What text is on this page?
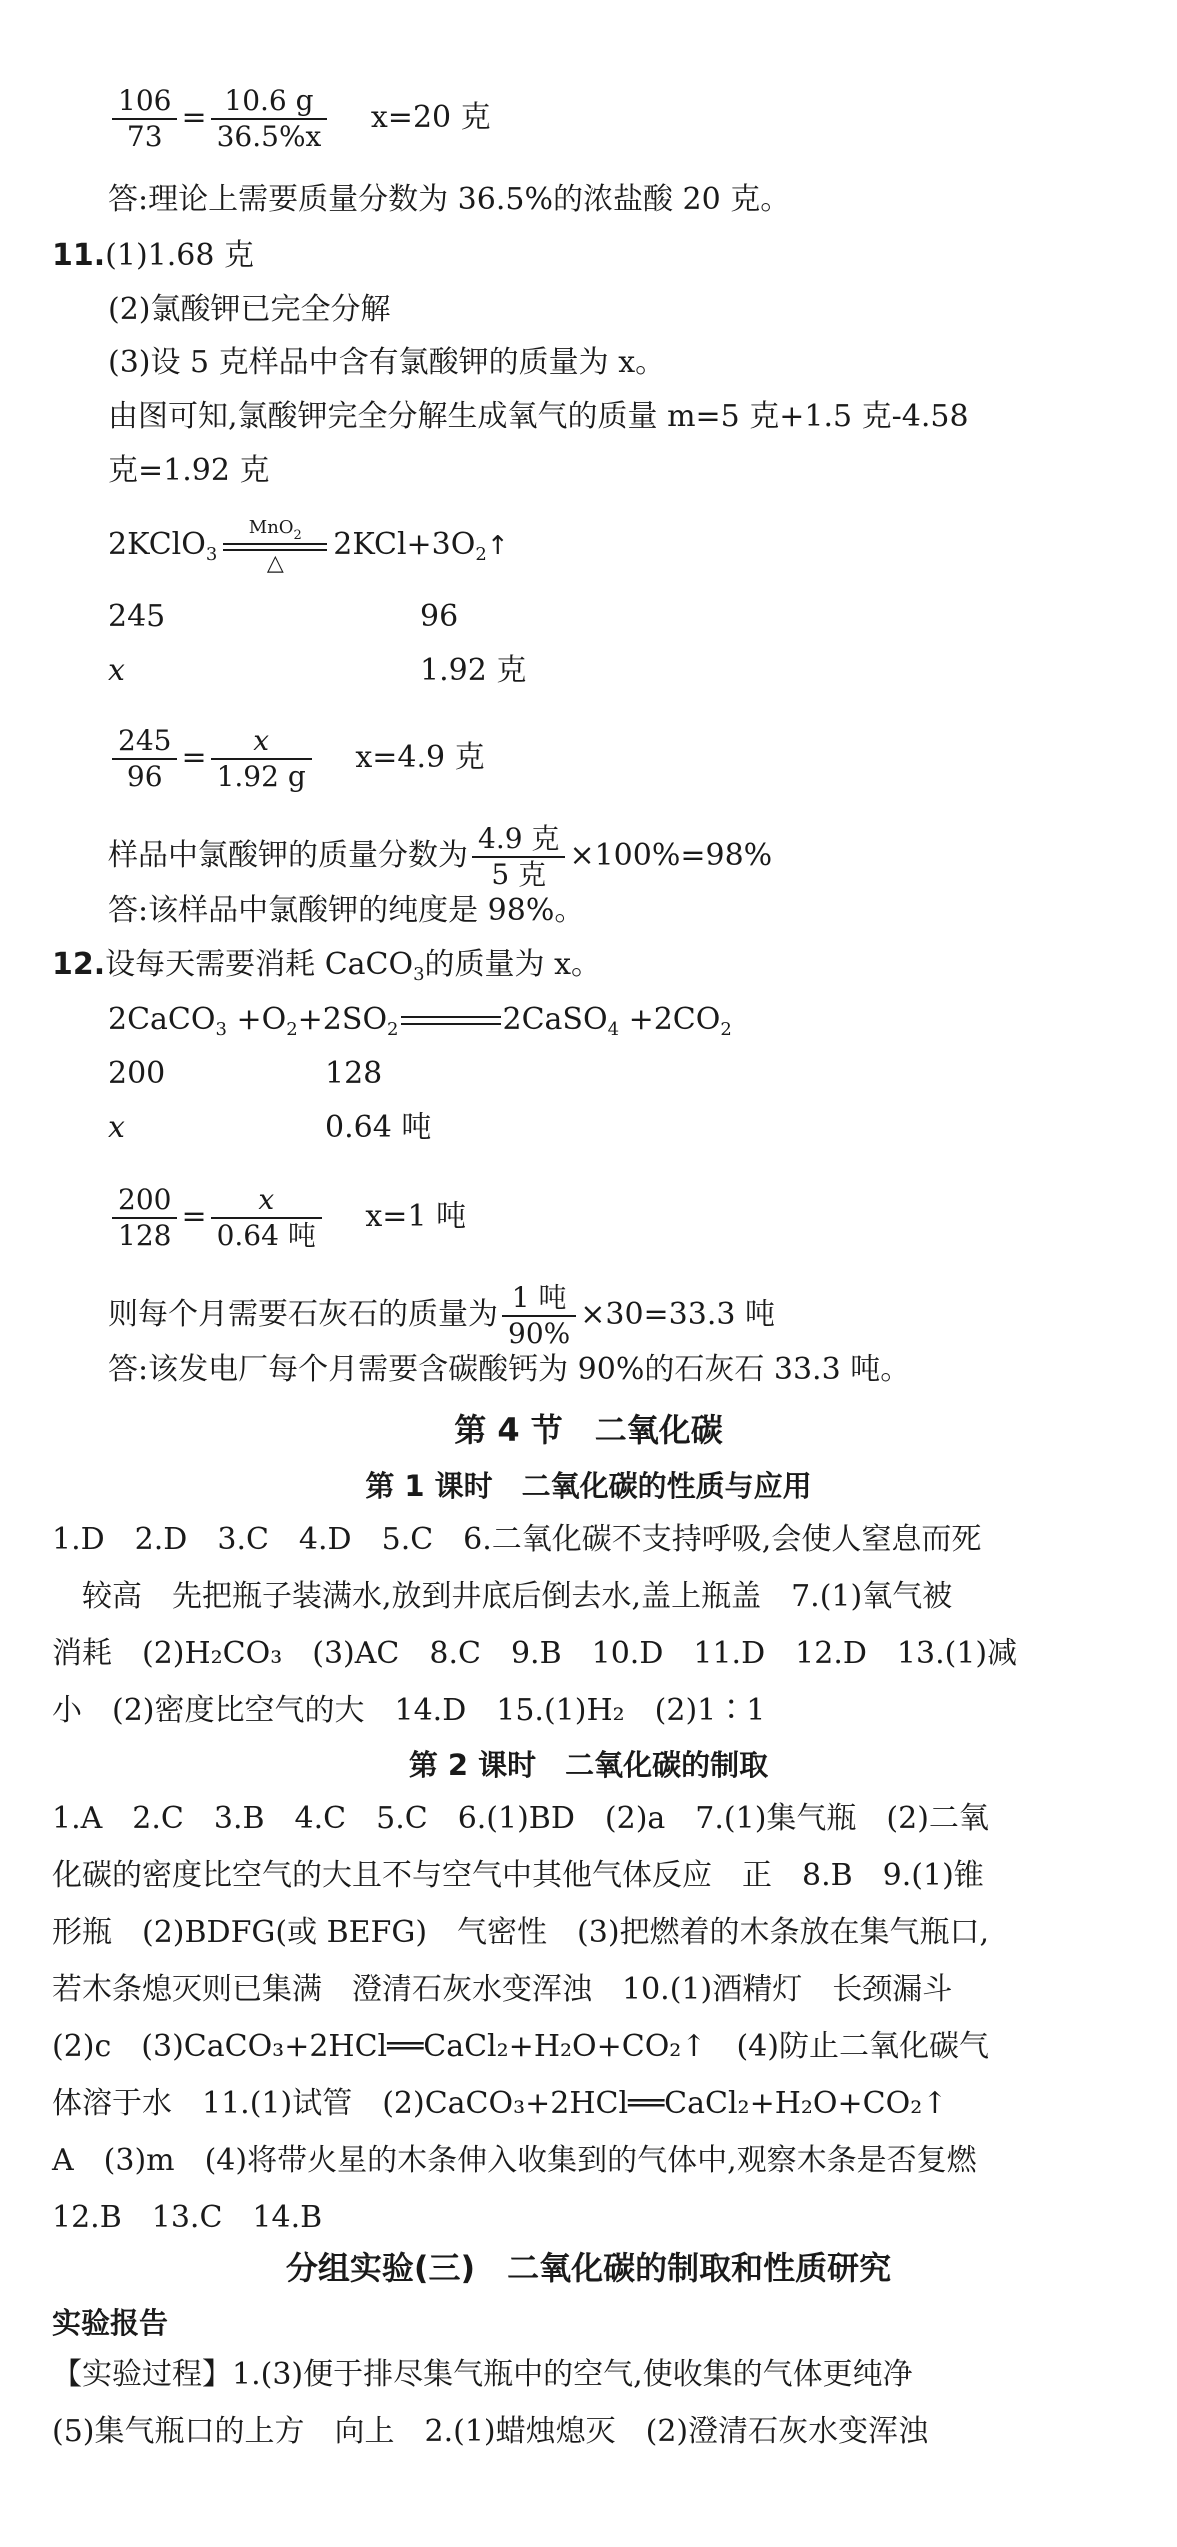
$\frac{106}{73} = \frac{10.6 g}{36.5\%x} x=20$ 克
答:理论上需要质量分数为 36.5%的浓盐酸 20 克。
11.(1)1.68 克
(2)氯酸钾已完全分解
(3)设 5 克样品中含有氯酸钾的质量为 x。
由图可知,氯酸钾完全分解生成氧气的质量 m=5 克+1.5 克-4.58
克=1.92 克
2KClO$_3$
MnO$_2$
△
$2KCl+3O_2↑$
245	96
x	1.92 克
$\frac{245}{96} = \frac{x}{1.92 g} x=4.9$ 克
样品中氯酸钾的质量分数为 $\frac{\text{4.9 克}}{\text{5 克}} \times 100\%=98\%$
答:该样品中氯酸钾的纯度是 98%。
12.设每天需要消耗 CaCO$_3$的质量为 x。
2CaCO$_3$ $+O_2+2SO_2$	2CaSO$_4$ $+2CO_2$
200	128
x	0.64 吨
$\frac{200}{128} = \frac{x}{\text{0.64 吨}} x=1$ 吨
则每个月需要石灰石的质量为 $\frac{\text{1 吨}}{90\%} \times 30=33.3$ 吨
答:该发电厂每个月需要含碳酸钙为 90%的石灰石 33.3 吨。
第 4 节　二氧化碳
第 1 课时　二氧化碳的性质与应用
1.D　2.D　3.C　4.D　5.C　6.二氧化碳不支持呼吸,会使人窒息而死
　较高　先把瓶子装满水,放到井底后倒去水,盖上瓶盖　7.(1)氧气被
消耗　(2)H₂CO₃　(3)AC　8.C　9.B　10.D　11.D　12.D　13.(1)减
小　(2)密度比空气的大　14.D　15.(1)H₂　(2)1∶1
第 2 课时　二氧化碳的制取
1.A　2.C　3.B　4.C　5.C　6.(1)BD　(2)a　7.(1)集气瓶　(2)二氧
化碳的密度比空气的大且不与空气中其他气体反应　正　8.B　9.(1)锥
形瓶　(2)BDFG(或 BEFG)　气密性　(3)把燃着的木条放在集气瓶口,
若木条熄灭则已集满　澄清石灰水变浑浊　10.(1)酒精灯　长颈漏斗
(2)c　(3)CaCO₃+2HCl══CaCl₂+H₂O+CO₂↑　(4)防止二氧化碳气
体溶于水　11.(1)试管　(2)CaCO₃+2HCl══CaCl₂+H₂O+CO₂↑
A　(3)m　(4)将带火星的木条伸入收集到的气体中,观察木条是否复燃
12.B　13.C　14.B
分组实验(三)　二氧化碳的制取和性质研究
实验报告
【实验过程】1.(3)便于排尽集气瓶中的空气,使收集的气体更纯净
(5)集气瓶口的上方　向上　2.(1)蜡烛熄灭　(2)澄清石灰水变浑浊
